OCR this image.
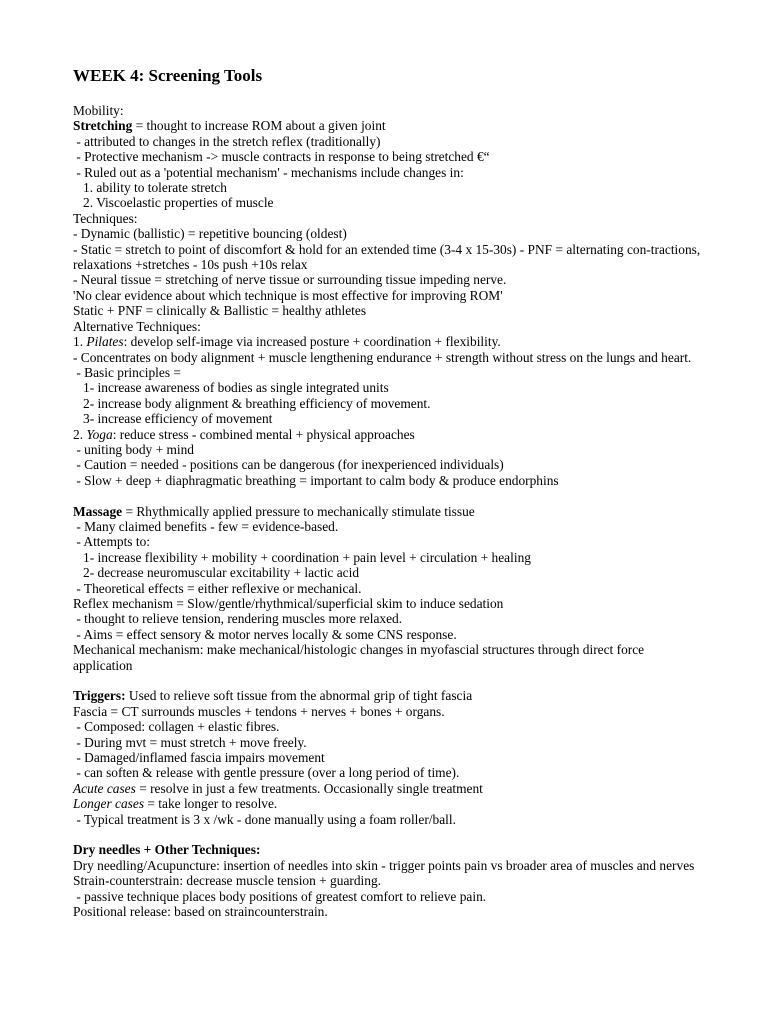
WEEK 4: Screening Tools
Mobility:
Stretching = thought to increase ROM about a given joint
- attributed to changes in the stretch reflex (traditionally)
- Protective mechanism -> muscle contracts in response to being stretched €“
- Ruled out as a 'potential mechanism' - mechanisms include changes in:
1. ability to tolerate stretch
2. Viscoelastic properties of muscle
Techniques:
- Dynamic (ballistic) = repetitive bouncing (oldest)
- Static = stretch to point of discomfort & hold for an extended time (3-4 x 15-30s) - PNF = alternating con-tractions, relaxations +stretches - 10s push +10s relax
- Neural tissue = stretching of nerve tissue or surrounding tissue impeding nerve.
'No clear evidence about which technique is most effective for improving ROM'
Static + PNF = clinically & Ballistic = healthy athletes
Alternative Techniques:
1. Pilates: develop self-image via increased posture + coordination + flexibility.
- Concentrates on body alignment + muscle lengthening endurance + strength without stress on the lungs and heart.
- Basic principles =
1- increase awareness of bodies as single integrated units
2- increase body alignment & breathing efficiency of movement.
3- increase efficiency of movement
2. Yoga: reduce stress - combined mental + physical approaches
- uniting body + mind
- Caution = needed - positions can be dangerous (for inexperienced individuals)
- Slow + deep + diaphragmatic breathing = important to calm body & produce endorphins
Massage = Rhythmically applied pressure to mechanically stimulate tissue
- Many claimed benefits - few = evidence-based.
- Attempts to:
1- increase flexibility + mobility + coordination + pain level + circulation + healing
2- decrease neuromuscular excitability + lactic acid
- Theoretical effects = either reflexive or mechanical.
Reflex mechanism = Slow/gentle/rhythmical/superficial skim to induce sedation
- thought to relieve tension, rendering muscles more relaxed.
- Aims = effect sensory & motor nerves locally & some CNS response.
Mechanical mechanism: make mechanical/histologic changes in myofascial structures through direct force application
Triggers: Used to relieve soft tissue from the abnormal grip of tight fascia
Fascia = CT surrounds muscles + tendons + nerves + bones + organs.
- Composed: collagen + elastic fibres.
- During mvt = must stretch + move freely.
- Damaged/inflamed fascia impairs movement
- can soften & release with gentle pressure (over a long period of time).
Acute cases = resolve in just a few treatments. Occasionally single treatment
Longer cases = take longer to resolve.
- Typical treatment is 3 x /wk - done manually using a foam roller/ball.
Dry needles + Other Techniques:
Dry needling/Acupuncture: insertion of needles into skin - trigger points pain vs broader area of muscles and nerves
Strain-counterstrain: decrease muscle tension + guarding.
- passive technique places body positions of greatest comfort to relieve pain.
Positional release: based on straincounterstrain.
